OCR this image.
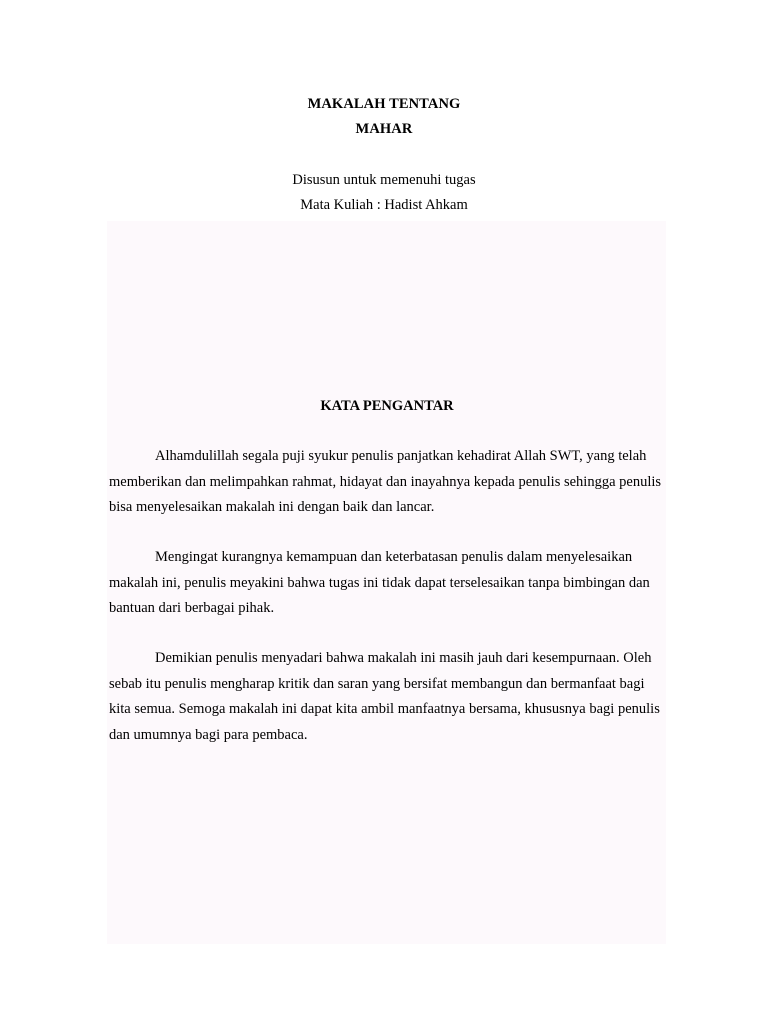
MAKALAH TENTANG
MAHAR
Disusun untuk memenuhi tugas
Mata Kuliah : Hadist Ahkam
KATA PENGANTAR

Alhamdulillah segala puji syukur penulis panjatkan kehadirat Allah SWT, yang telah memberikan dan melimpahkan rahmat, hidayat dan inayahnya kepada penulis sehingga penulis bisa menyelesaikan makalah ini dengan baik dan lancar.

Mengingat kurangnya kemampuan dan keterbatasan penulis dalam menyelesaikan makalah ini, penulis meyakini bahwa tugas ini tidak dapat terselesaikan tanpa bimbingan dan bantuan dari berbagai pihak.

Demikian penulis menyadari bahwa makalah ini masih jauh dari kesempurnaan. Oleh sebab itu penulis mengharap kritik dan saran yang bersifat membangun dan bermanfaat bagi kita semua. Semoga makalah ini dapat kita ambil manfaatnya bersama, khususnya bagi penulis dan umumnya bagi para pembaca.
